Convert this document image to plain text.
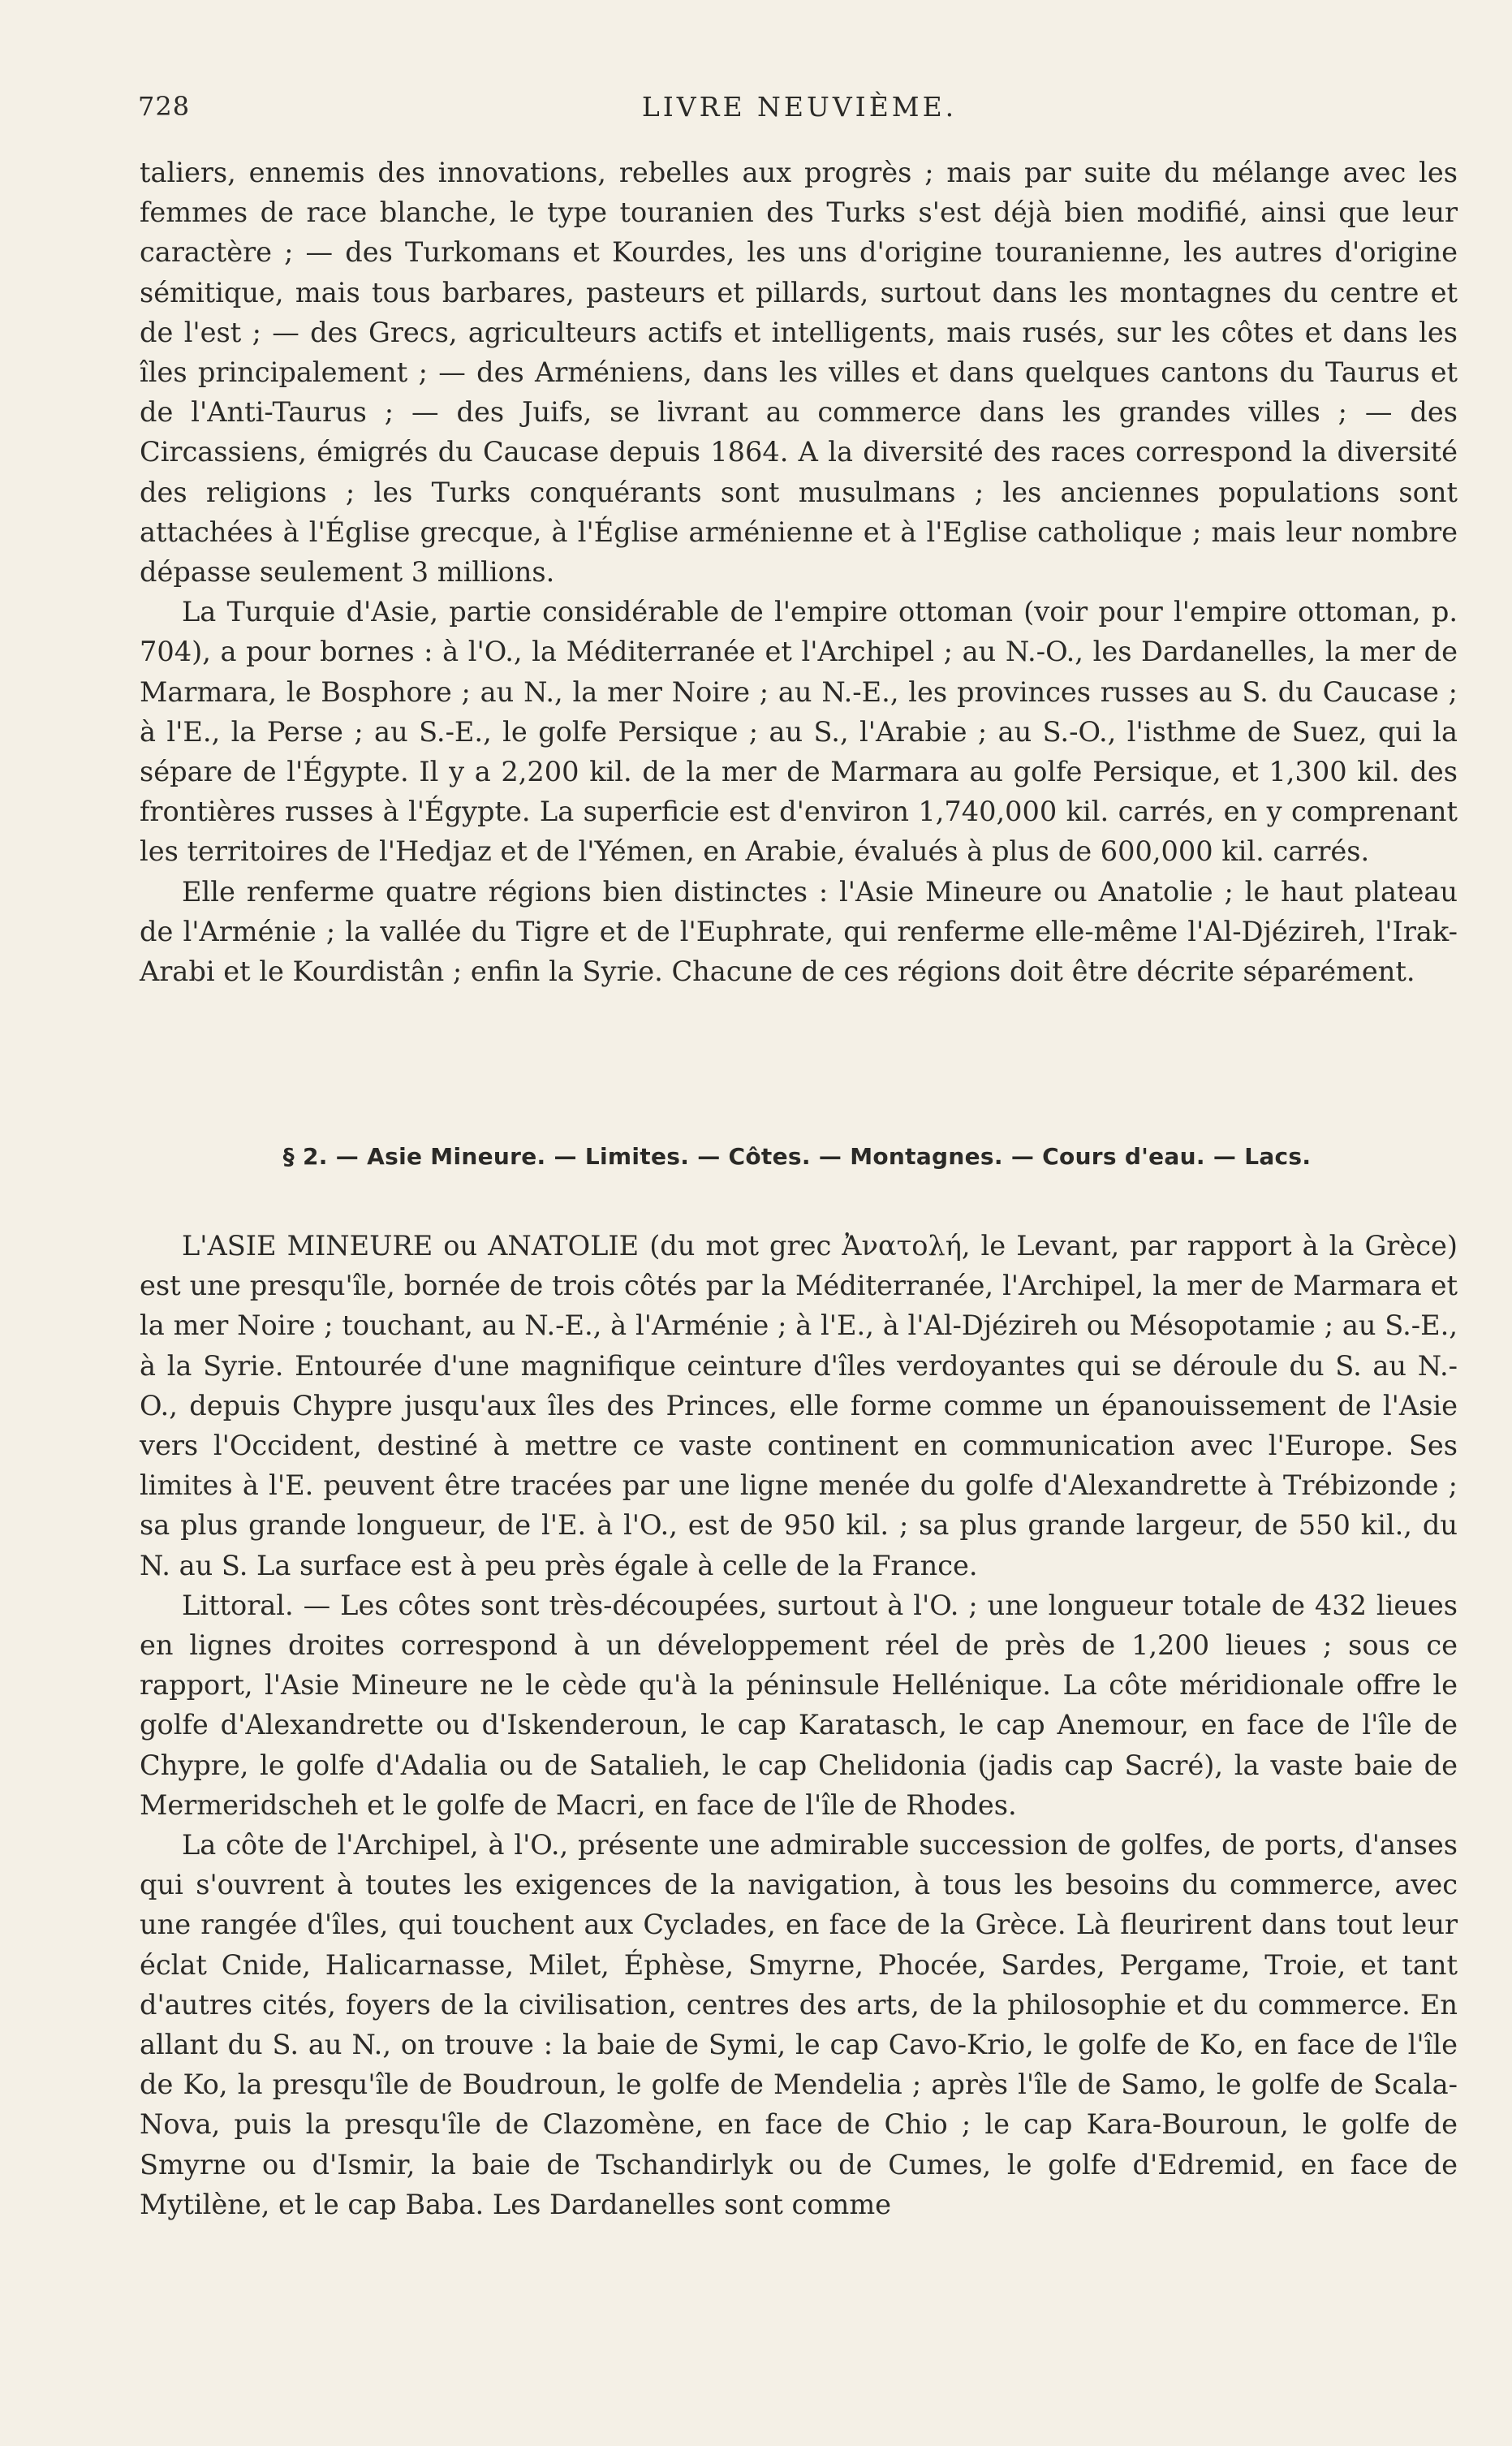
728	LIVRE NEUVIÈME.

taliers, ennemis des innovations, rebelles aux progrès ; mais par suite du mélange avec les femmes de race blanche, le type touranien des Turks s'est déjà bien modifié, ainsi que leur caractère ; — des Turkomans et Kourdes, les uns d'origine touranienne, les autres d'origine sémitique, mais tous barbares, pasteurs et pillards, surtout dans les montagnes du centre et de l'est ; — des Grecs, agriculteurs actifs et intelligents, mais rusés, sur les côtes et dans les îles principalement ; — des Arméniens, dans les villes et dans quelques cantons du Taurus et de l'Anti-Taurus ; — des Juifs, se livrant au commerce dans les grandes villes ; — des Circassiens, émigrés du Caucase depuis 1864. A la diversité des races correspond la diversité des religions ; les Turks conquérants sont musulmans ; les anciennes populations sont attachées à l'Église grecque, à l'Église arménienne et à l'Eglise catholique ; mais leur nombre dépasse seulement 3 millions.

La Turquie d'Asie, partie considérable de l'empire ottoman (voir pour l'empire ottoman, p. 704), a pour bornes : à l'O., la Méditerranée et l'Archipel ; au N.-O., les Dardanelles, la mer de Marmara, le Bosphore ; au N., la mer Noire ; au N.-E., les provinces russes au S. du Caucase ; à l'E., la Perse ; au S.-E., le golfe Persique ; au S., l'Arabie ; au S.-O., l'isthme de Suez, qui la sépare de l'Égypte. Il y a 2,200 kil. de la mer de Marmara au golfe Persique, et 1,300 kil. des frontières russes à l'Égypte. La superficie est d'environ 1,740,000 kil. carrés, en y comprenant les territoires de l'Hedjaz et de l'Yémen, en Arabie, évalués à plus de 600,000 kil. carrés.

Elle renferme quatre régions bien distinctes : l'Asie Mineure ou Anatolie ; le haut plateau de l'Arménie ; la vallée du Tigre et de l'Euphrate, qui renferme elle-même l'Al-Djézireh, l'Irak-Arabi et le Kourdistân ; enfin la Syrie. Chacune de ces régions doit être décrite séparément.

§ 2. — Asie Mineure. — Limites. — Côtes. — Montagnes. — Cours d'eau. — Lacs.

L'ASIE MINEURE ou ANATOLIE (du mot grec Ἀνατολή, le Levant, par rapport à la Grèce) est une presqu'île, bornée de trois côtés par la Méditerranée, l'Archipel, la mer de Marmara et la mer Noire ; touchant, au N.-E., à l'Arménie ; à l'E., à l'Al-Djézireh ou Mésopotamie ; au S.-E., à la Syrie. Entourée d'une magnifique ceinture d'îles verdoyantes qui se déroule du S. au N.-O., depuis Chypre jusqu'aux îles des Princes, elle forme comme un épanouissement de l'Asie vers l'Occident, destiné à mettre ce vaste continent en communication avec l'Europe. Ses limites à l'E. peuvent être tracées par une ligne menée du golfe d'Alexandrette à Trébizonde ; sa plus grande longueur, de l'E. à l'O., est de 950 kil. ; sa plus grande largeur, de 550 kil., du N. au S. La surface est à peu près égale à celle de la France.

Littoral. — Les côtes sont très-découpées, surtout à l'O. ; une longueur totale de 432 lieues en lignes droites correspond à un développement réel de près de 1,200 lieues ; sous ce rapport, l'Asie Mineure ne le cède qu'à la péninsule Hellénique. La côte méridionale offre le golfe d'Alexandrette ou d'Iskenderoun, le cap Karatasch, le cap Anemour, en face de l'île de Chypre, le golfe d'Adalia ou de Satalieh, le cap Chelidonia (jadis cap Sacré), la vaste baie de Mermeridscheh et le golfe de Macri, en face de l'île de Rhodes.

La côte de l'Archipel, à l'O., présente une admirable succession de golfes, de ports, d'anses qui s'ouvrent à toutes les exigences de la navigation, à tous les besoins du commerce, avec une rangée d'îles, qui touchent aux Cyclades, en face de la Grèce. Là fleurirent dans tout leur éclat Cnide, Halicarnasse, Milet, Éphèse, Smyrne, Phocée, Sardes, Pergame, Troie, et tant d'autres cités, foyers de la civilisation, centres des arts, de la philosophie et du commerce. En allant du S. au N., on trouve : la baie de Symi, le cap Cavo-Krio, le golfe de Ko, en face de l'île de Ko, la presqu'île de Boudroun, le golfe de Mendelia ; après l'île de Samo, le golfe de Scala-Nova, puis la presqu'île de Clazomène, en face de Chio ; le cap Kara-Bouroun, le golfe de Smyrne ou d'Ismir, la baie de Tschandirlyk ou de Cumes, le golfe d'Edremid, en face de Mytilène, et le cap Baba. Les Dardanelles sont comme
